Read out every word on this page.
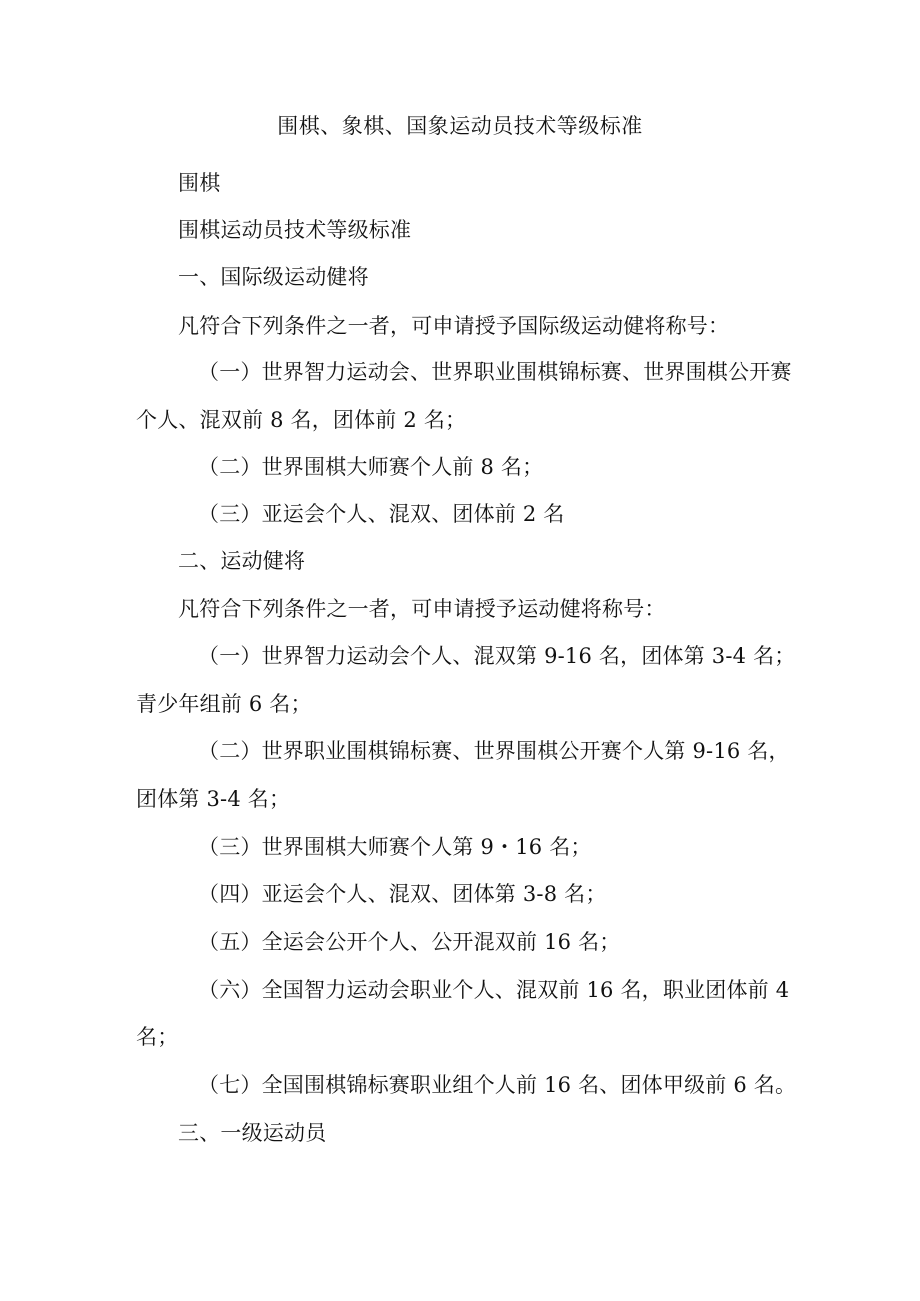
围棋、象棋、国象运动员技术等级标准
围棋
围棋运动员技术等级标准
一、国际级运动健将
凡符合下列条件之一者，可申请授予国际级运动健将称号：
（一）世界智力运动会、世界职业围棋锦标赛、世界围棋公开赛
个人、混双前 8 名，团体前 2 名；
（二）世界围棋大师赛个人前 8 名；
（三）亚运会个人、混双、团体前 2 名
二、运动健将
凡符合下列条件之一者，可申请授予运动健将称号：
（一）世界智力运动会个人、混双第 9-16 名，团体第 3-4 名；
青少年组前 6 名；
（二）世界职业围棋锦标赛、世界围棋公开赛个人第 9-16 名，
团体第 3-4 名；
（三）世界围棋大师赛个人第 9・16 名；
（四）亚运会个人、混双、团体第 3-8 名；
（五）全运会公开个人、公开混双前 16 名；
（六）全国智力运动会职业个人、混双前 16 名，职业团体前 4
名；
（七）全国围棋锦标赛职业组个人前 16 名、团体甲级前 6 名。
三、一级运动员
